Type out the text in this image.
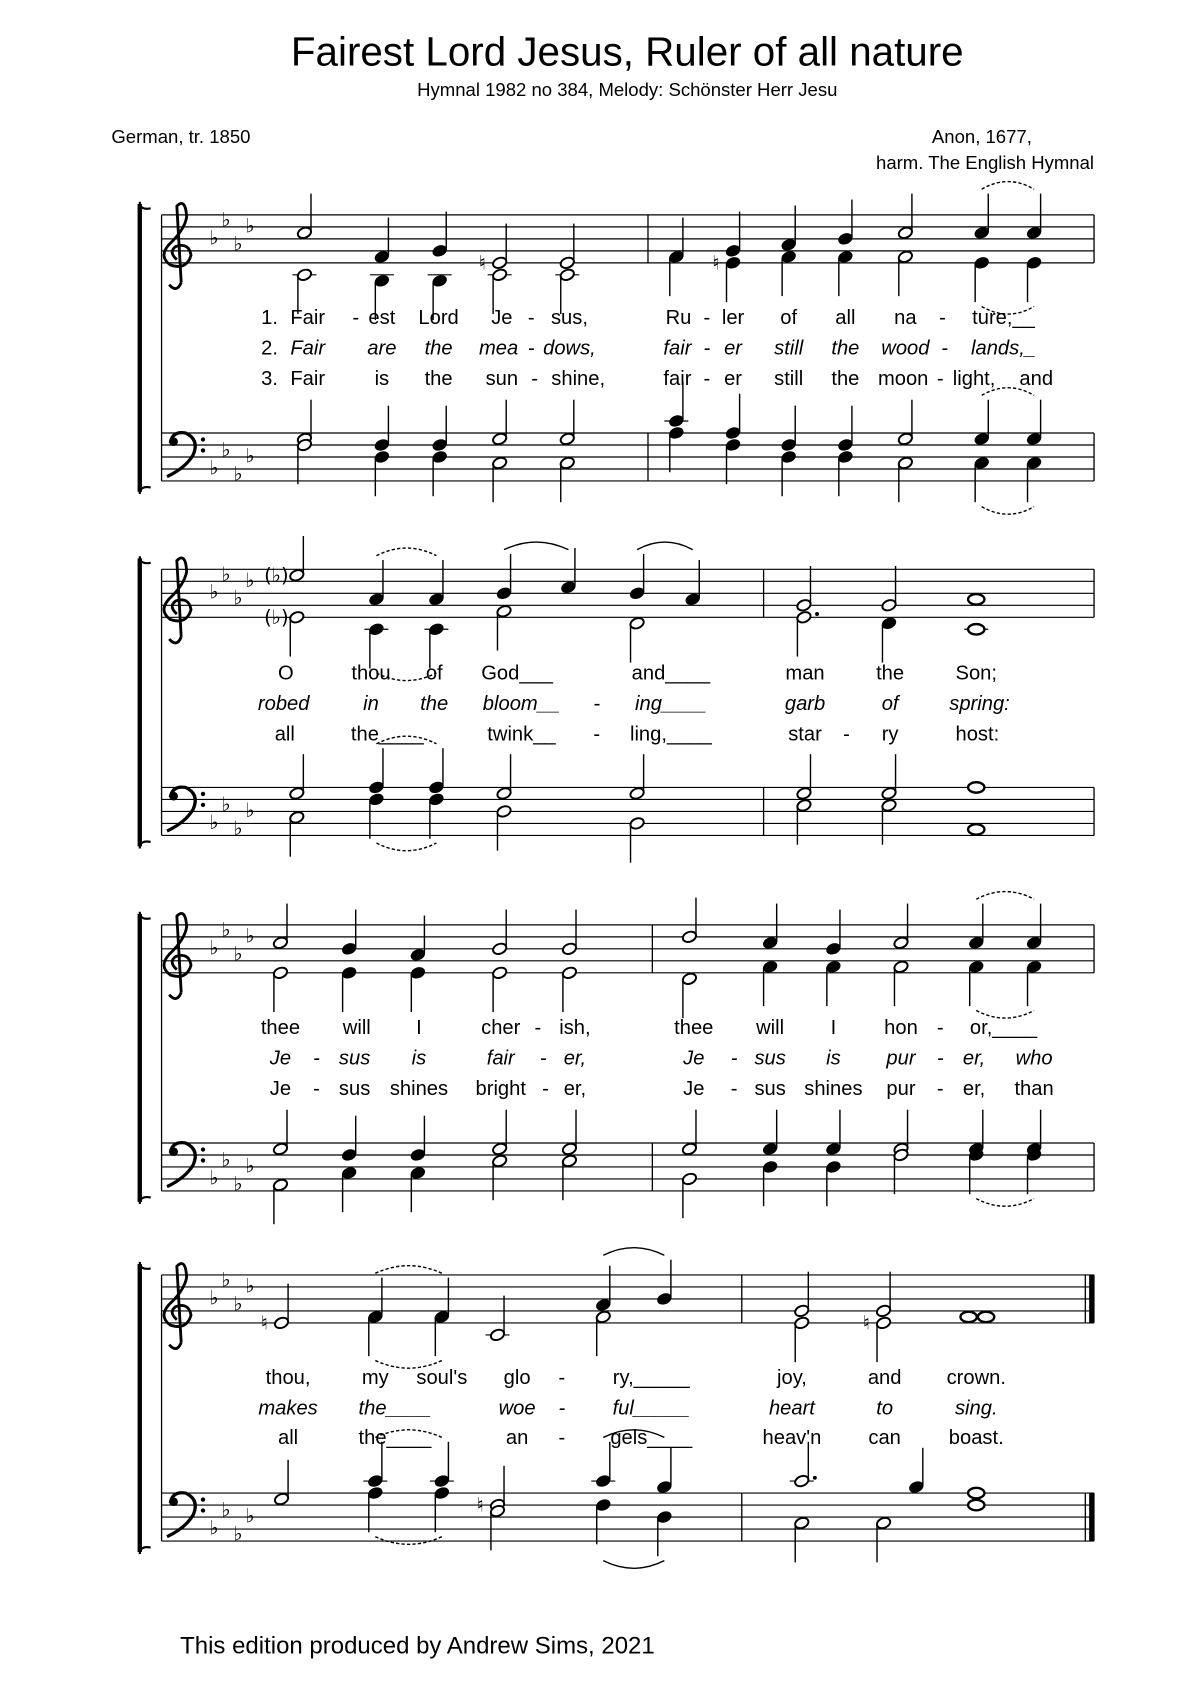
Fairest Lord Jesus, Ruler of all nature
Hymnal 1982 no 384, Melody: Schönster Herr Jesu
German, tr. 1850	Anon, 1677,
harm. The English Hymnal
♭
♭
♭
♭
♮	♮
♭
♭
♭
♭
1. Fair - est Lord Je - sus,	Ru - ler of all na - ture,__
2. Fair are the mea - dows,	fair - er still the wood - lands,_
3. Fair	is the sun - shine,	fair - er still the moon - light, and
♭
♭
♭
♭ (♭)
(♭)
♭
♭
♭
♭
O	thou of God___	and____	man	the	Son;
robed	in the bloom__ - ing____	garb	of	spring:
all	the____	twink__ - ling,____	star - ry	host:
♭
♭
♭
♭
♭
♭
♭
♭
thee will I	cher - ish,	thee will	I	hon - or,____
Je - sus is	fair - er,	Je - sus is pur - er, who
Je - sus shines bright - er,	Je - sus shines pur - er, than
♭
♭
♭
♭
♮	♮
♭
♭
♭
♭	♮
thou,	my soul's glo -	ry,_____	joy,	and crown.
makes the____	woe -	ful_____	heart	to	sing.
all	the____	an - gels____	heav'n	can	boast.
This edition produced by Andrew Sims, 2021
